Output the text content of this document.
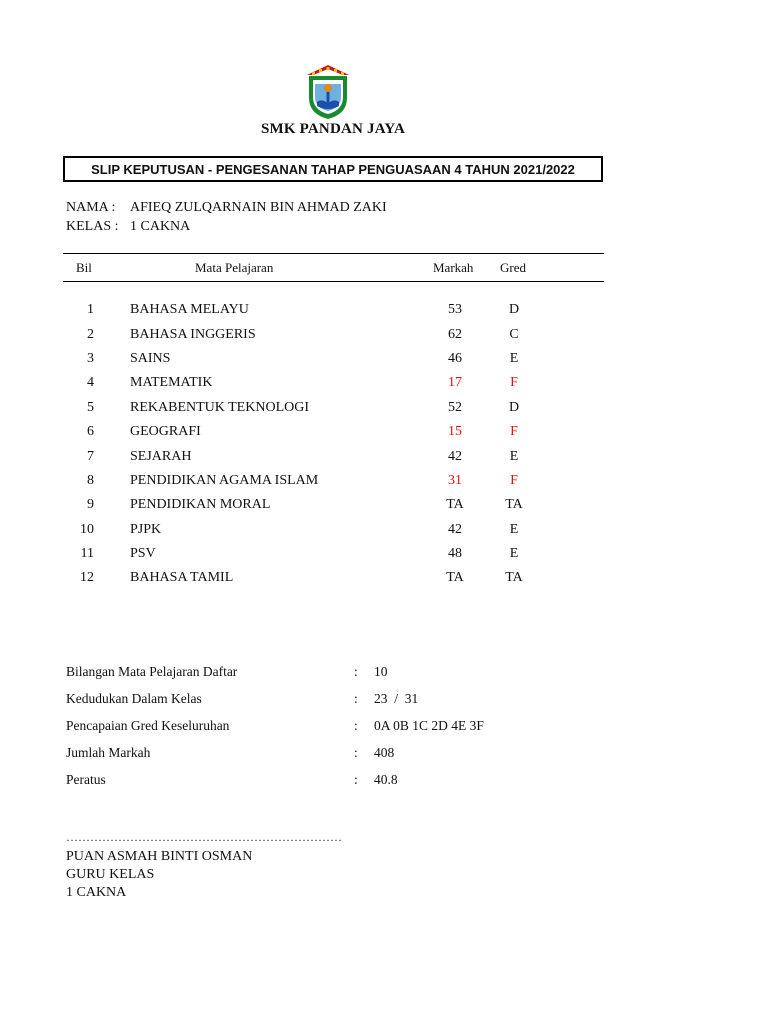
SMK PANDAN JAYA
SLIP KEPUTUSAN - PENGESANAN TAHAP PENGUASAAN 4 TAHUN 2021/2022
NAMA : AFIEQ ZULQARNAIN BIN AHMAD ZAKI
KELAS : 1 CAKNA
Bil	Mata Pelajaran	Markah Gred
1	BAHASA MELAYU	53	D
2	BAHASA INGGERIS	62	C
3	SAINS	46	E
4	MATEMATIK	17	F
5	REKABENTUK TEKNOLOGI	52	D
6	GEOGRAFI	15	F
7	SEJARAH	42	E
8	PENDIDIKAN AGAMA ISLAM	31	F
9	PENDIDIKAN MORAL	TA	TA
10	PJPK	42	E
11	PSV	48	E
12	BAHASA TAMIL	TA	TA
Bilangan Mata Pelajaran Daftar	: 10
Kedudukan Dalam Kelas	: 23  /  31
Pencapaian Gred Keseluruhan	: 0A 0B 1C 2D 4E 3F
Jumlah Markah	: 408
Peratus	: 40.8
……………………………………………………………
PUAN ASMAH BINTI OSMAN
GURU KELAS
1 CAKNA
